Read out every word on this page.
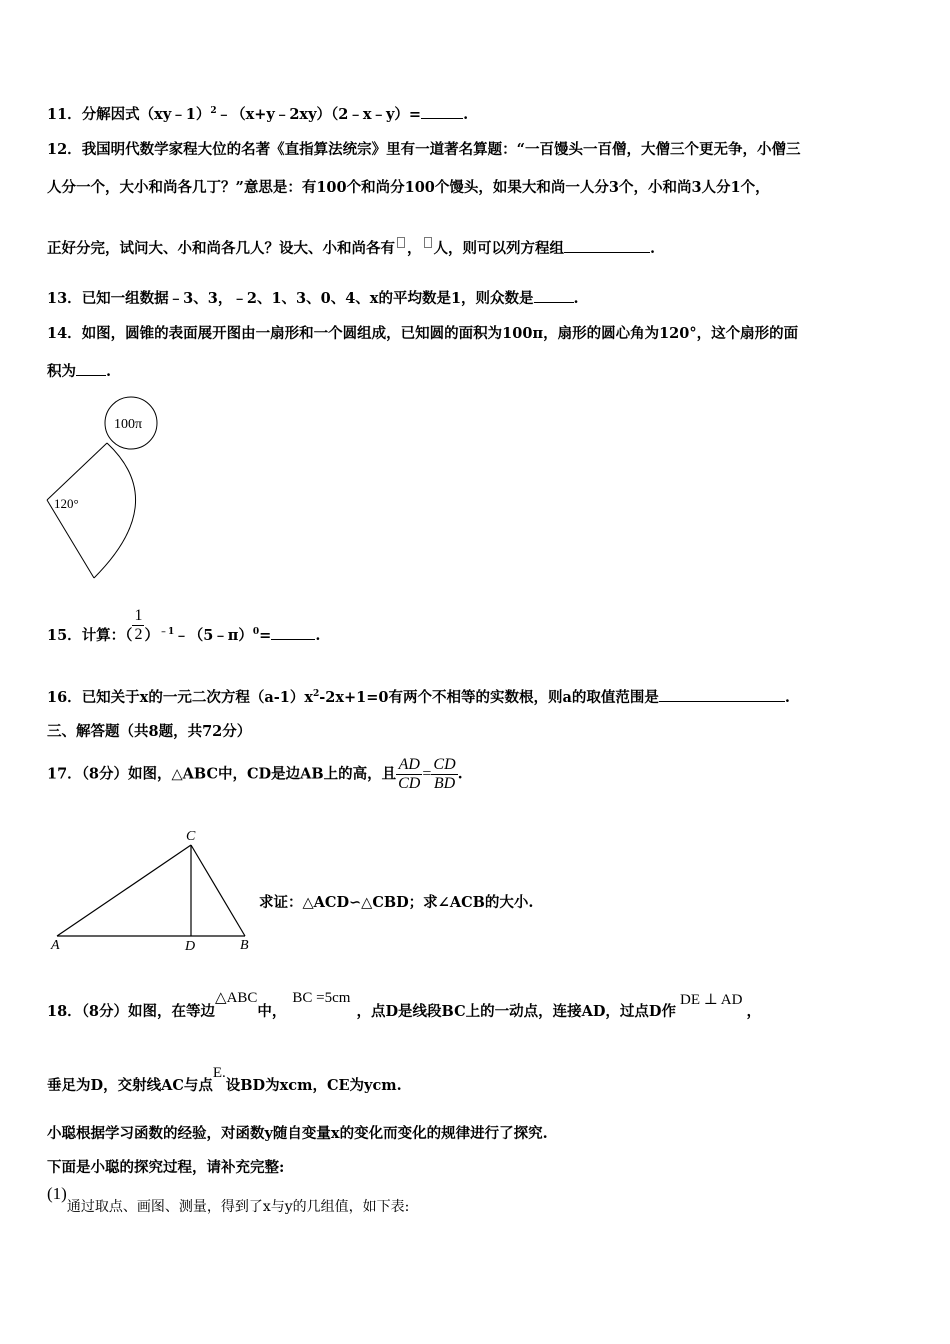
11．分解因式（xy﹣1）$^2$﹣（x+y﹣2xy）（2﹣x﹣y）=	.
12．我国明代数学家程大位的名著《直指算法统宗》里有一道著名算题：“一百馒头一百僧，大僧三个更无争，小僧三
人分一个，大小和尚各几丁？”意思是：有100个和尚分100个馒头，如果大和尚一人分3个，小和尚3人分1个，
正好分完，试问大、小和尚各几人？设大、小和尚各有 ， 人，则可以列方程组	.
13．已知一组数据﹣3、3，﹣2、1、3、0、4、x的平均数是1，则众数是	.
14．如图，圆锥的表面展开图由一扇形和一个圆组成，已知圆的面积为100π，扇形的圆心角为120°，这个扇形的面
积为 .
100π
120°
15．计算：（ $\frac{1}{2}$ ）$^{﹣1}$﹣（5﹣π）$^0$=	.
16．已知关于x的一元二次方程$(a-1)x^2-2x+1=0$有两个不相等的实数根，则a的取值范围是	.
三、解答题（共8题，共72分）
17．（8分）如图，△ABC中，CD是边AB上的高，且 $\frac{AD}{CD} = \frac{CD}{BD}$ .
C
A	D	B
求证：△ACD∽△CBD；求∠ACB的大小.
18．（8分）如图，在等边△ABC中，BC =5cm，点D是线段BC上的一动点，连接AD，过点D作DE ⊥ AD，
垂足为D，交射线AC与点E.设BD为xcm，CE为ycm.
小聪根据学习函数的经验，对函数y随自变量x的变化而变化的规律进行了探究.
下面是小聪的探究过程，请补充完整:
(1)通过取点、画图、测量，得到了x与y的几组值，如下表:
